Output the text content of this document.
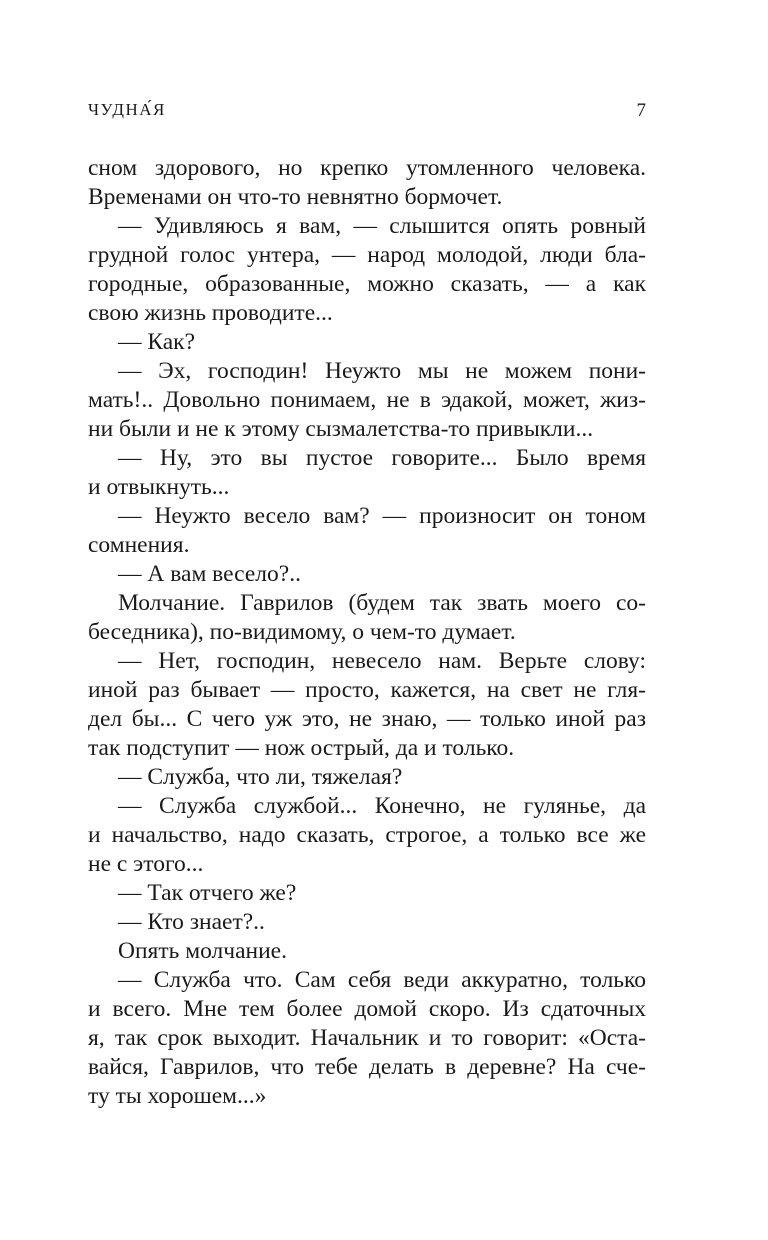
ЧУДНА́Я	7
сном здорового, но крепко утомленного человека.
Временами он что-то невнятно бормочет.
— Удивляюсь я вам, — слышится опять ровный
грудной голос унтера, — народ молодой, люди бла-
городные, образованные, можно сказать, — а как
свою жизнь проводите...
— Как?
— Эх, господин! Неужто мы не можем пони-
мать!.. Довольно понимаем, не в эдакой, может, жиз-
ни были и не к этому сызмалетства-то привыкли...
— Ну, это вы пустое говорите... Было время
и отвыкнуть...
— Неужто весело вам? — произносит он тоном
сомнения.
— А вам весело?..
Молчание. Гаврилов (будем так звать моего со-
беседника), по-видимому, о чем-то думает.
— Нет, господин, невесело нам. Верьте слову:
иной раз бывает — просто, кажется, на свет не гля-
дел бы... С чего уж это, не знаю, — только иной раз
так подступит — нож острый, да и только.
— Служба, что ли, тяжелая?
— Служба службой... Конечно, не гулянье, да
и начальство, надо сказать, строгое, а только все же
не с этого...
— Так отчего же?
— Кто знает?..
Опять молчание.
— Служба что. Сам себя веди аккуратно, только
и всего. Мне тем более домой скоро. Из сдаточных
я, так срок выходит. Начальник и то говорит: «Оста-
вайся, Гаврилов, что тебе делать в деревне? На сче-
ту ты хорошем...»
